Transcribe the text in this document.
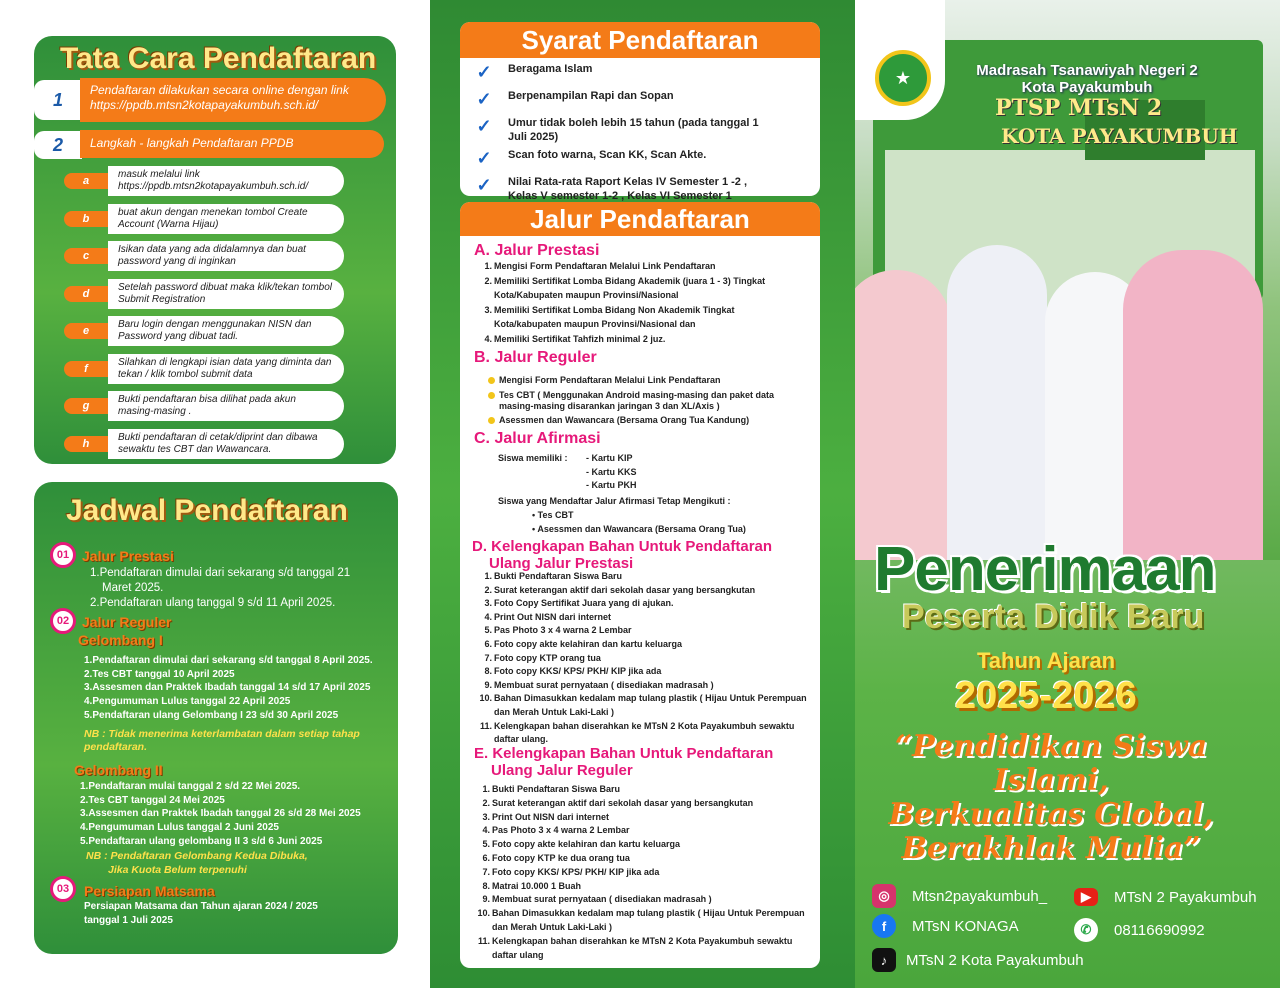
Tata Cara Pendaftaran
1	Pendaftaran dilakukan secara online dengan link https://ppdb.mtsn2kotapayakumbuh.sch.id/
2	Langkah - langkah Pendaftaran PPDB
a
masuk melalui link https://ppdb.mtsn2kotapayakumbuh.sch.id/
b
buat akun dengan menekan tombol Create Account (Warna Hijau)
c
Isikan data yang ada didalamnya dan buat password yang di inginkan
d
Setelah password dibuat maka klik/tekan tombol Submit Registration
e
Baru login dengan menggunakan NISN dan Password yang dibuat tadi.
f
Silahkan di lengkapi isian data yang diminta dan tekan / klik tombol submit data
g
Bukti pendaftaran bisa dilihat pada akun masing-masing .
h
Bukti pendaftaran di cetak/diprint dan dibawa sewaktu tes CBT dan Wawancara.
Jadwal Pendaftaran
01 Jalur Prestasi
1.Pendaftaran dimulai dari sekarang s/d tanggal 21
Maret 2025.
2.Pendaftaran ulang tanggal 9 s/d 11 April 2025.
02 Jalur Reguler
Gelombang I
1.Pendaftaran dimulai dari sekarang s/d tanggal 8 April 2025.
2.Tes CBT tanggal 10 April 2025
3.Assesmen dan Praktek Ibadah tanggal 14 s/d 17 April 2025
4.Pengumuman Lulus tanggal 22 April 2025
5.Pendaftaran ulang Gelombang I 23 s/d 30 April 2025
NB : Tidak menerima keterlambatan dalam setiap tahap pendaftaran.
Gelombang II
1.Pendaftaran mulai tanggal 2 s/d 22 Mei 2025.
2.Tes CBT tanggal 24 Mei 2025
3.Assesmen dan Praktek Ibadah tanggal 26 s/d 28 Mei 2025
4.Pengumuman Lulus tanggal 2 Juni 2025
5.Pendaftaran ulang gelombang II 3 s/d 6 Juni 2025
NB : Pendaftaran Gelombang Kedua Dibuka,
Jika Kuota Belum terpenuhi
03	Persiapan Matsama
Persiapan Matsama dan Tahun ajaran 2024 / 2025
tanggal 1 Juli 2025
Syarat Pendaftaran
✓ Beragama Islam
✓ Berpenampilan Rapi dan Sopan
✓ Umur tidak boleh lebih 15 tahun (pada tanggal 1 Juli 2025)
✓ Scan foto warna, Scan KK, Scan Akte.
✓ Nilai Rata-rata Raport Kelas IV Semester 1 -2 , Kelas V semester 1-2 , Kelas VI Semester 1
Jalur Pendaftaran
A. Jalur Prestasi
1. Mengisi Form Pendaftaran Melalui Link Pendaftaran
2. Memiliki Sertifikat Lomba Bidang Akademik (juara 1 - 3) Tingkat
Kota/Kabupaten maupun Provinsi/Nasional
3. Memiliki Sertifikat Lomba Bidang Non Akademik Tingkat
Kota/kabupaten maupun Provinsi/Nasional dan
4. Memiliki Sertifikat Tahfizh minimal 2 juz.
B. Jalur Reguler
Mengisi Form Pendaftaran Melalui Link Pendaftaran
Tes CBT ( Menggunakan Android masing-masing dan paket data masing-masing disarankan jaringan 3 dan XL/Axis )
Asessmen dan Wawancara (Bersama Orang Tua Kandung)
C. Jalur Afirmasi
Siswa memiliki : - Kartu KIP
- Kartu KKS
- Kartu PKH
Siswa yang Mendaftar Jalur Afirmasi Tetap Mengikuti :
• Tes CBT
• Asessmen dan Wawancara (Bersama Orang Tua)
D. Kelengkapan Bahan Untuk Pendaftaran
Ulang Jalur Prestasi
1. Bukti Pendaftaran Siswa Baru
2. Surat keterangan aktif dari sekolah dasar yang bersangkutan
3. Foto Copy Sertifikat Juara yang di ajukan.
4. Print Out NISN dari internet
5. Pas Photo 3 x 4 warna 2 Lembar
6. Foto copy akte kelahiran dan kartu keluarga
7. Foto copy KTP orang tua
8. Foto copy KKS/ KPS/ PKH/ KIP jika ada
9. Membuat surat pernyataan ( disediakan madrasah )
10. Bahan Dimasukkan kedalam map tulang plastik ( Hijau Untuk Perempuan
dan Merah Untuk Laki-Laki )
11. Kelengkapan bahan diserahkan ke MTsN 2 Kota Payakumbuh sewaktu
daftar ulang.
E. Kelengkapan Bahan Untuk Pendaftaran
Ulang Jalur Reguler
1. Bukti Pendaftaran Siswa Baru
2. Surat keterangan aktif dari sekolah dasar yang bersangkutan
3. Print Out NISN dari internet
4. Pas Photo 3 x 4 warna 2 Lembar
5. Foto copy akte kelahiran dan kartu keluarga
6. Foto copy KTP ke dua orang tua
7. Foto copy KKS/ KPS/ PKH/ KIP jika ada
8. Matrai 10.000 1 Buah
9. Membuat surat pernyataan ( disediakan madrasah )
10. Bahan Dimasukkan kedalam map tulang plastik ( Hijau Untuk Perempuan
dan Merah Untuk Laki-Laki )
11. Kelengkapan bahan diserahkan ke MTsN 2 Kota Payakumbuh sewaktu
daftar ulang
PTSP MTsN 2
KOTA PAYAKUMBUH
★	Madrasah Tsanawiyah Negeri 2
Kota Payakumbuh
Penerimaan
Peserta Didik Baru
Tahun Ajaran
2025-2026
“Pendidikan Siswa Islami,
Berkualitas Global,
Berakhlak Mulia”
◎	Mtsn2payakumbuh_
f	MTsN KONAGA
♪	MTsN 2 Kota Payakumbuh
▶	MTsN 2 Payakumbuh
✆	08116690992
